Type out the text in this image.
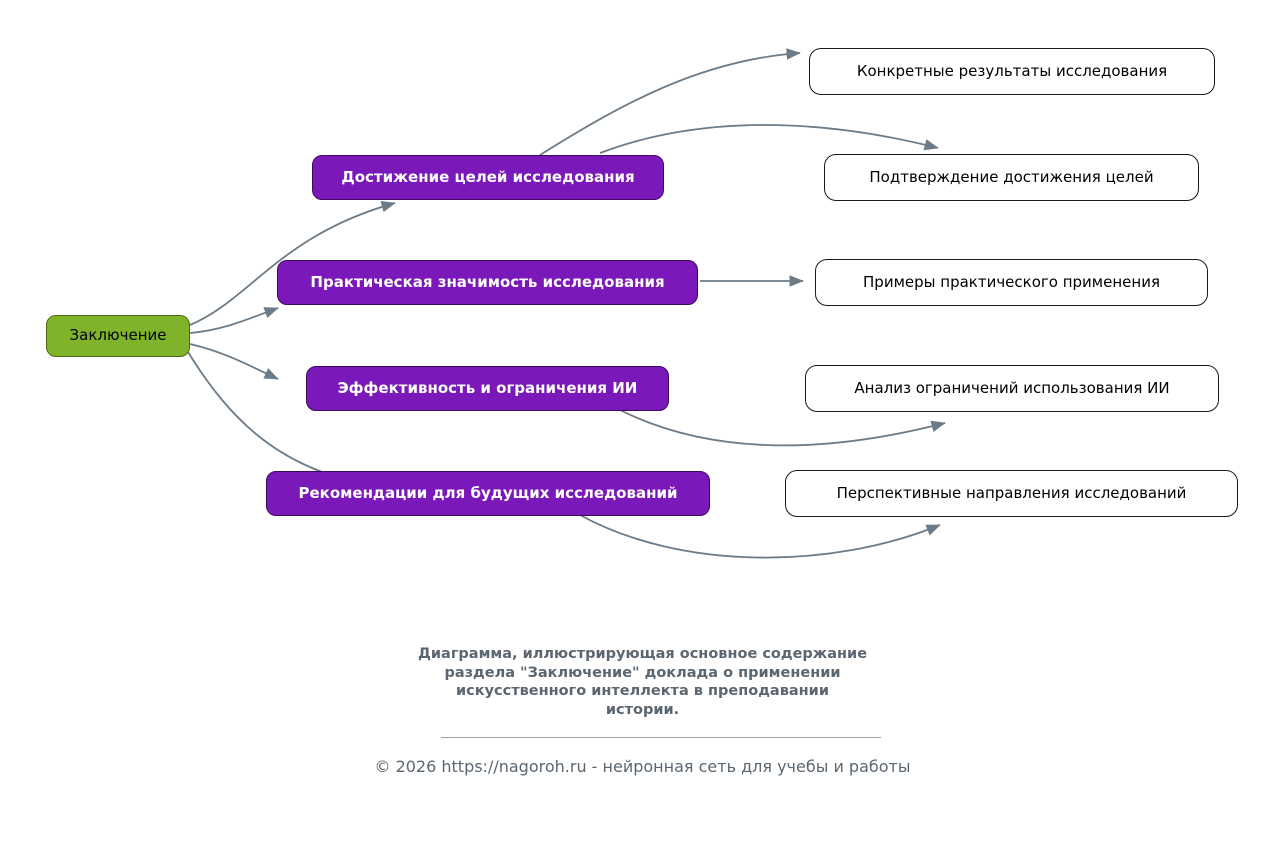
Заключение
Достижение целей исследования
Практическая значимость исследования
Эффективность и ограничения ИИ
Рекомендации для будущих исследований
Конкретные результаты исследования
Подтверждение достижения целей
Примеры практического применения
Анализ ограничений использования ИИ
Перспективные направления исследований
Диаграмма, иллюстрирующая основное содержание
раздела "Заключение" доклада о применении
искусственного интеллекта в преподавании
истории.
© 2026 https://nagoroh.ru - нейронная сеть для учебы и работы
